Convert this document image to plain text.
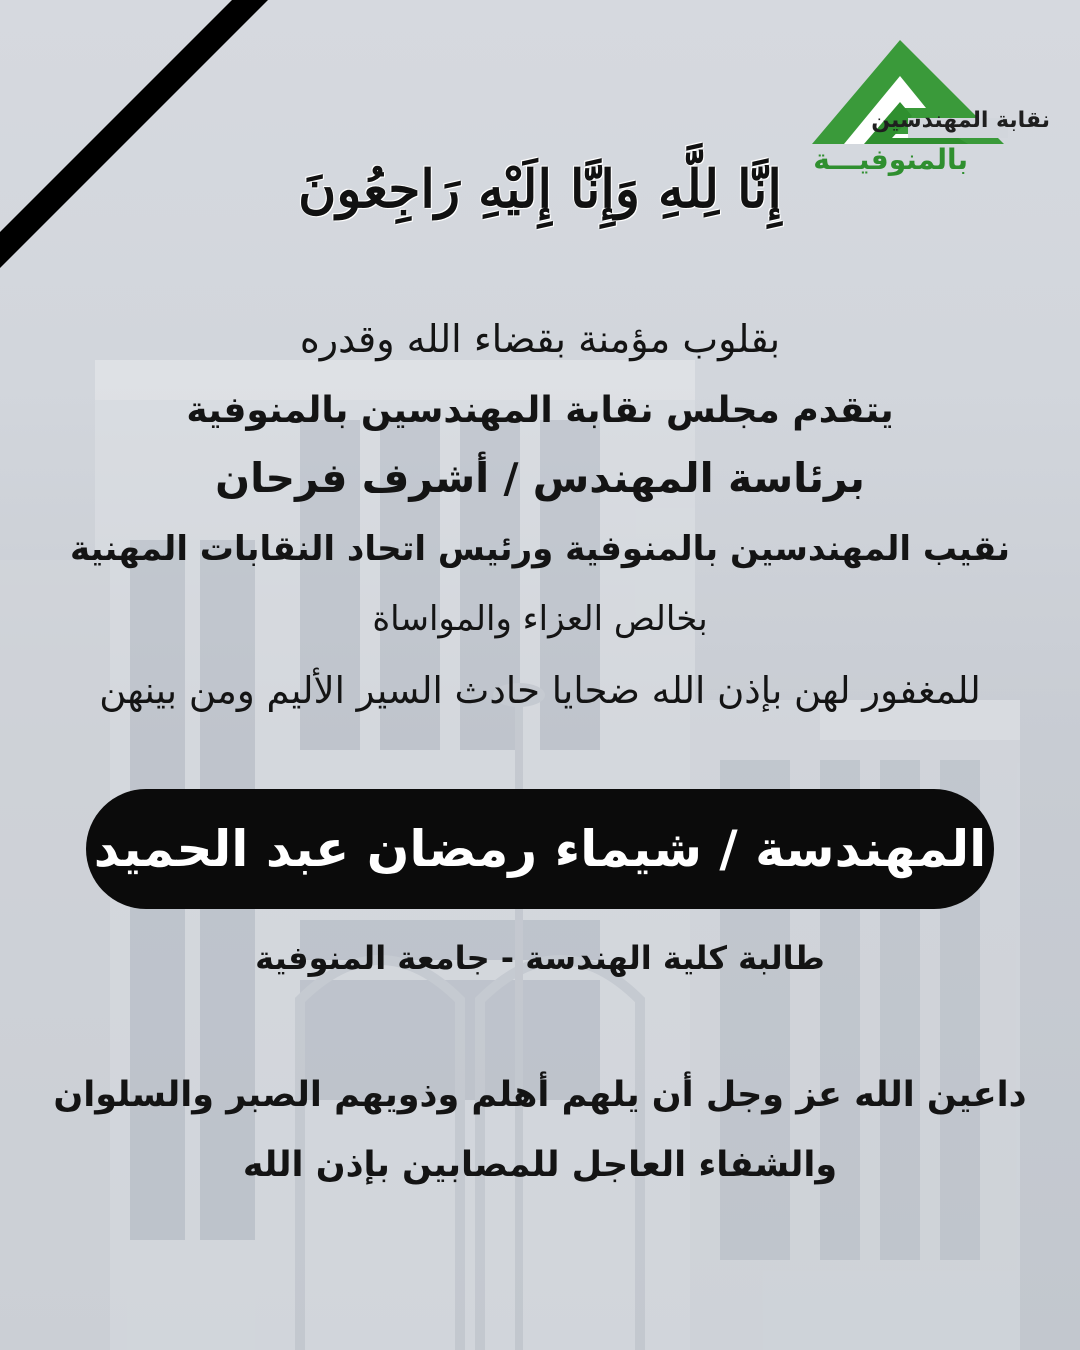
نقابة المهندسين
بالمنوفيـــة
إِنَّا لِلَّهِ وَإِنَّا إِلَيْهِ رَاجِعُونَ
بقلوب مؤمنة بقضاء الله وقدره
يتقدم مجلس نقابة المهندسين بالمنوفية
برئاسة المهندس / أشرف فرحان
نقيب المهندسين بالمنوفية ورئيس اتحاد النقابات المهنية
بخالص العزاء والمواساة
للمغفور لهن بإذن الله ضحايا حادث السير الأليم ومن بينهن
المهندسة / شيماء رمضان عبد الحميد
طالبة كلية الهندسة - جامعة المنوفية
داعين الله عز وجل أن يلهم أهلم وذويهم الصبر والسلوان
والشفاء العاجل للمصابين بإذن الله
